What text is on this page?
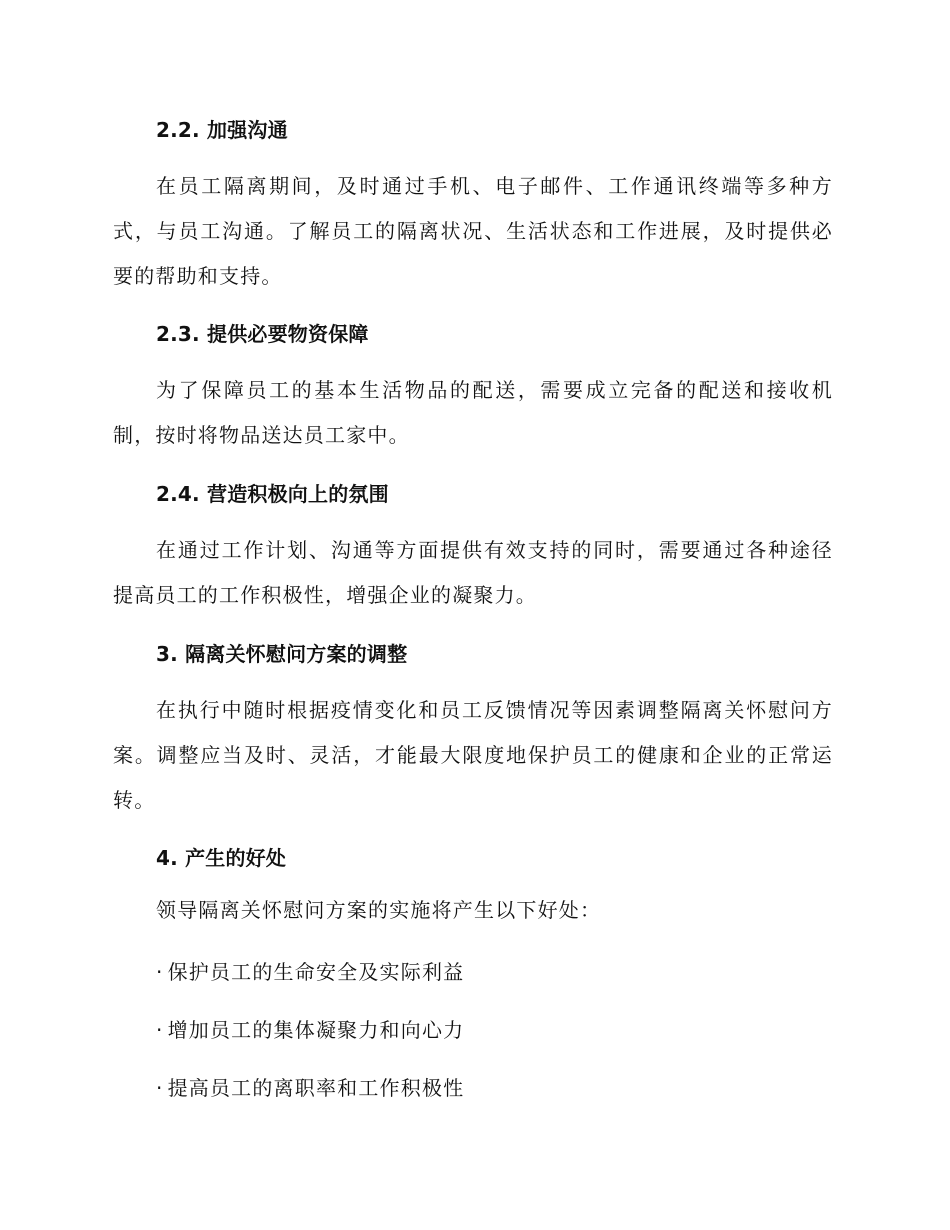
2.2. 加强沟通

在员工隔离期间，及时通过手机、电子邮件、工作通讯终端等多种方式，与员工沟通。了解员工的隔离状况、生活状态和工作进展，及时提供必要的帮助和支持。

2.3. 提供必要物资保障

为了保障员工的基本生活物品的配送，需要成立完备的配送和接收机制，按时将物品送达员工家中。

2.4. 营造积极向上的氛围

在通过工作计划、沟通等方面提供有效支持的同时，需要通过各种途径提高员工的工作积极性，增强企业的凝聚力。

3. 隔离关怀慰问方案的调整

在执行中随时根据疫情变化和员工反馈情况等因素调整隔离关怀慰问方案。调整应当及时、灵活，才能最大限度地保护员工的健康和企业的正常运转。

4. 产生的好处

领导隔离关怀慰问方案的实施将产生以下好处：

· 保护员工的生命安全及实际利益
· 增加员工的集体凝聚力和向心力
· 提高员工的离职率和工作积极性
